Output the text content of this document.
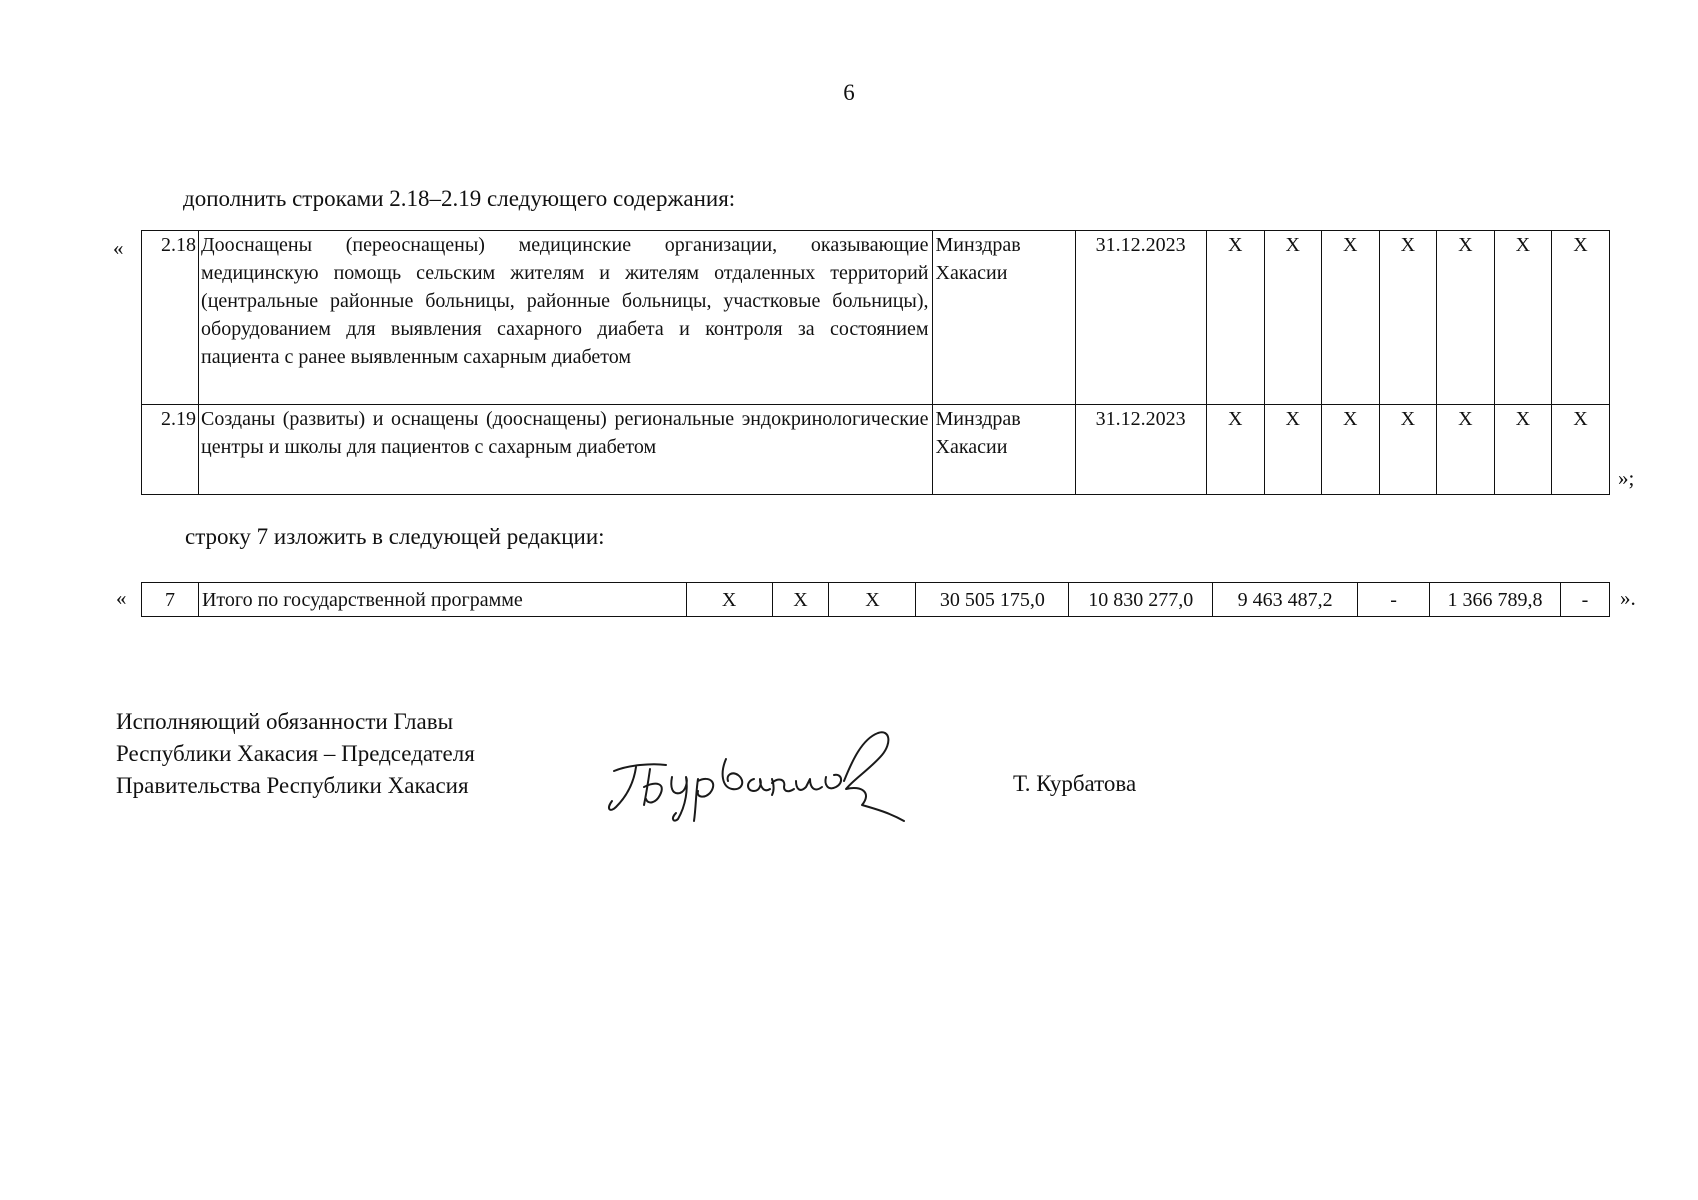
6
дополнить строками 2.18–2.19 следующего содержания:
« 2.18	Дооснащены (переоснащены) медицинские организации, оказывающие медицинскую помощь сельским жителям и жителям отдаленных территорий (центральные районные больницы, районные больницы, участковые больницы), оборудованием для выявления сахарного диабета и контроля за состоянием пациента с ранее выявленным сахарным диабетом	Минздрав Хакасии	31.12.2023	X	X	X	X	X	X	X
2.19	Созданы (развиты) и оснащены (дооснащены) региональные эндокринологические центры и школы для пациентов с сахарным диабетом	Минздрав Хакасии	31.12.2023	X	X	X	X	X	X	X
»;
строку 7 изложить в следующей редакции:
« 7	Итого по государственной программе	X	X	X	30 505 175,0	10 830 277,0	9 463 487,2	-	1 366 789,8	- ».
Исполняющий обязанности Главы
Республики Хакасия – Председателя
Правительства Республики Хакасия	Т. Курбатова
